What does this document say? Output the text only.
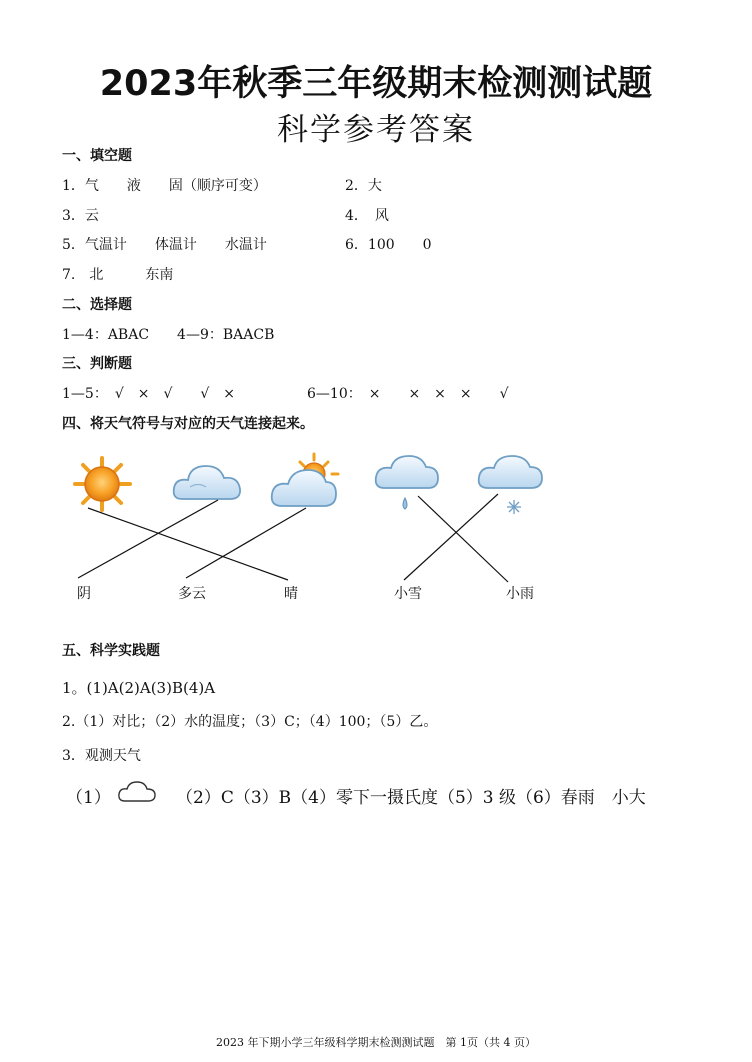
2023年秋季三年级期末检测测试题
科学参考答案
一、填空题
1．气　　液　　固（顺序可变）	2．大
3．云	4．　风
5．气温计　　体温计　　水温计	6．100　　0
7.　北　　　东南
二、选择题
1—4：ABAC　　4—9：BAACB
三、判断题
1—5：　√　×　√　　√　×	6—10：　×　　×　×　×　　√
四、将天气符号与对应的天气连接起来。
阴	多云	晴	小雪	小雨
五、科学实践题
1。(1)A(2)A(3)B(4)A
2.（1）对比；（2）水的温度；（3）C；（4）100；（5）乙。
3．观测天气
（1）	（2）C（3）B（4）零下一摄氏度（5）3 级（6）春雨　小大
2023 年下期小学三年级科学期末检测测试题　第 1页（共 4 页）
